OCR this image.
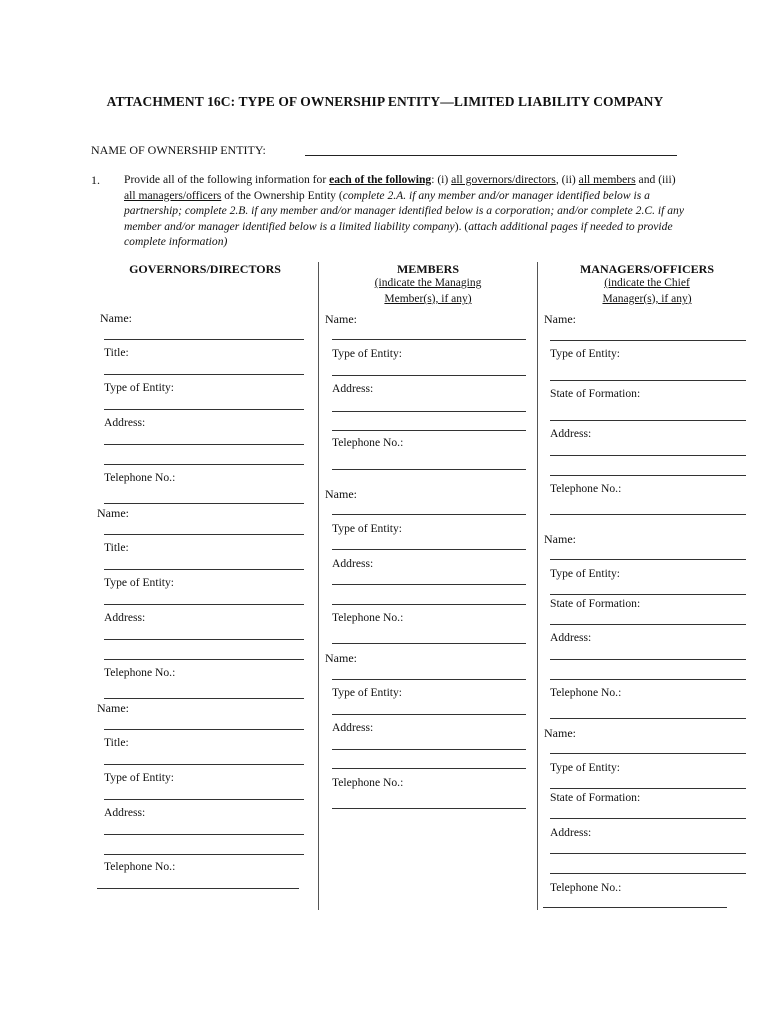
ATTACHMENT 16C: TYPE OF OWNERSHIP ENTITY—LIMITED LIABILITY COMPANY
NAME OF OWNERSHIP ENTITY:
1. Provide all of the following information for each of the following: (i) all governors/directors, (ii) all members and (iii) all managers/officers of the Ownership Entity (complete 2.A. if any member and/or manager identified below is a partnership; complete 2.B. if any member and/or manager identified below is a corporation; and/or complete 2.C. if any member and/or manager identified below is a limited liability company). (attach additional pages if needed to provide complete information)
GOVERNORS/DIRECTORS	MEMBERS
(indicate the Managing
Member(s), if any)
MANAGERS/OFFICERS
(indicate the Chief
Manager(s), if any)
Name:
Title:
Type of Entity:
Address:
Telephone No.:
Name:
Title:
Type of Entity:
Address:
Telephone No.:
Name:
Title:
Type of Entity:
Address:
Telephone No.:
Name:
Type of Entity:
Address:
Telephone No.:
Name:
Type of Entity:
Address:
Telephone No.:
Name:
Type of Entity:
Address:
Telephone No.:
Name:
Type of Entity:
State of Formation:
Address:
Telephone No.:
Name:
Type of Entity:
State of Formation:
Address:
Telephone No.:
Name:
Type of Entity:
State of Formation:
Address:
Telephone No.:
